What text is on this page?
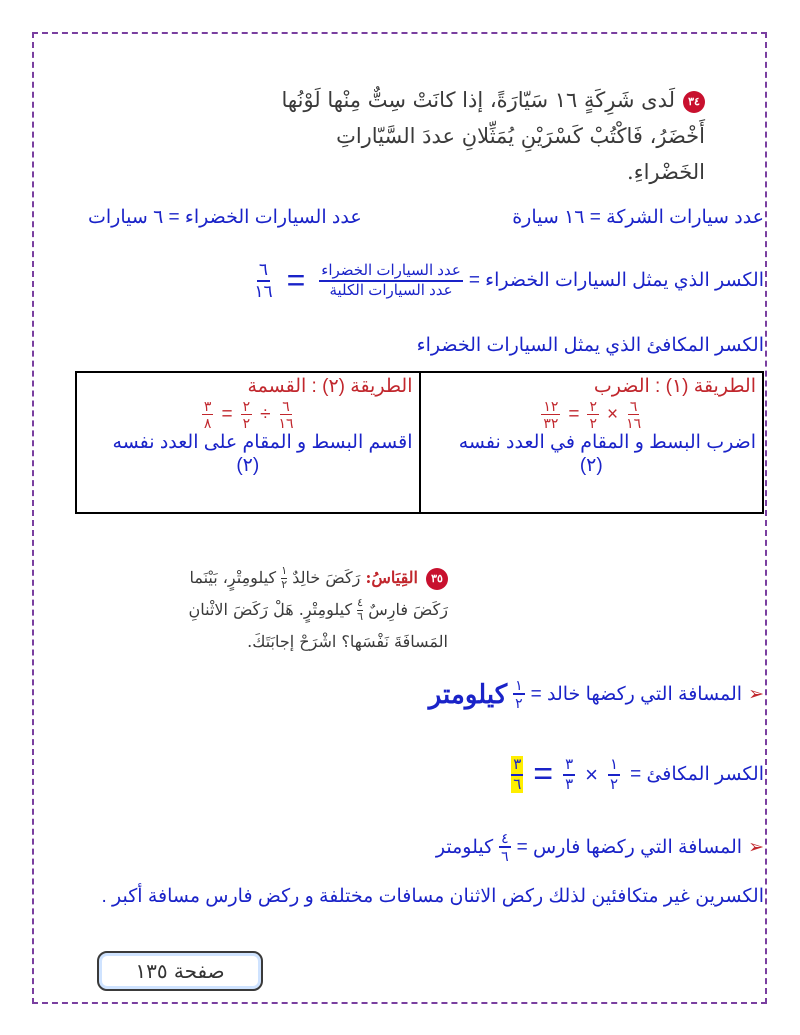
٣٤لَدى شَرِكَةٍ ١٦ سَيّارَةً، إذا كانَتْ سِتٌّ مِنْها لَوْنُها
أَخْضَرُ، فَاكْتُبْ كَسْرَيْنِ يُمَثِّلانِ عددَ السَّيّاراتِ
الخَضْراءِ.
عدد سيارات الشركة = ١٦ سيارة
عدد السيارات الخضراء = ٦ سيارات
الكسر الذي يمثل السيارات الخضراء =
$\frac{\text{عدد السيارات الخضراء}}{\text{عدد السيارات الكلية}}$
=
$\frac{٦}{١٦}$
الكسر المكافئ الذي يمثل السيارات الخضراء
الطريقة (١) : الضرب
$\frac{١٢}{٣٢} = \frac{٢}{٢} \times \frac{٦}{١٦}$
اضرب البسط و المقام في العدد نفسه
(٢)

الطريقة (٢) : القسمة
$\frac{٣}{٨} = \frac{٢}{٢} \div \frac{٦}{١٦}$
اقسم البسط و المقام على العدد نفسه
(٢)
٣٥القِيَاسُ: رَكَضَ خالِدٌ
$\frac{١}{٢}$
كيلومِتْرٍ، بَيْنَما
رَكَضَ فارِسٌ
$\frac{٤}{٦}$
كيلومِتْرٍ. هَلْ رَكَضَ الاثْنانِ
المَسافَةَ نَفْسَها؟ اشْرَحْ إجابَتَكَ.
➢
المسافة التي ركضها خالد =
$\frac{١}{٢}$
كيلومتر
الكسر المكافئ =
$\frac{١}{٢}$
×
$\frac{٣}{٣}$
=
$\frac{٣}{٦}$
➢
المسافة التي ركضها فارس =
$\frac{٤}{٦}$
كيلومتر
الكسرين غير متكافئين لذلك ركض الاثنان مسافات مختلفة و ركض فارس مسافة أكبر .
صفحة ١٣٥
